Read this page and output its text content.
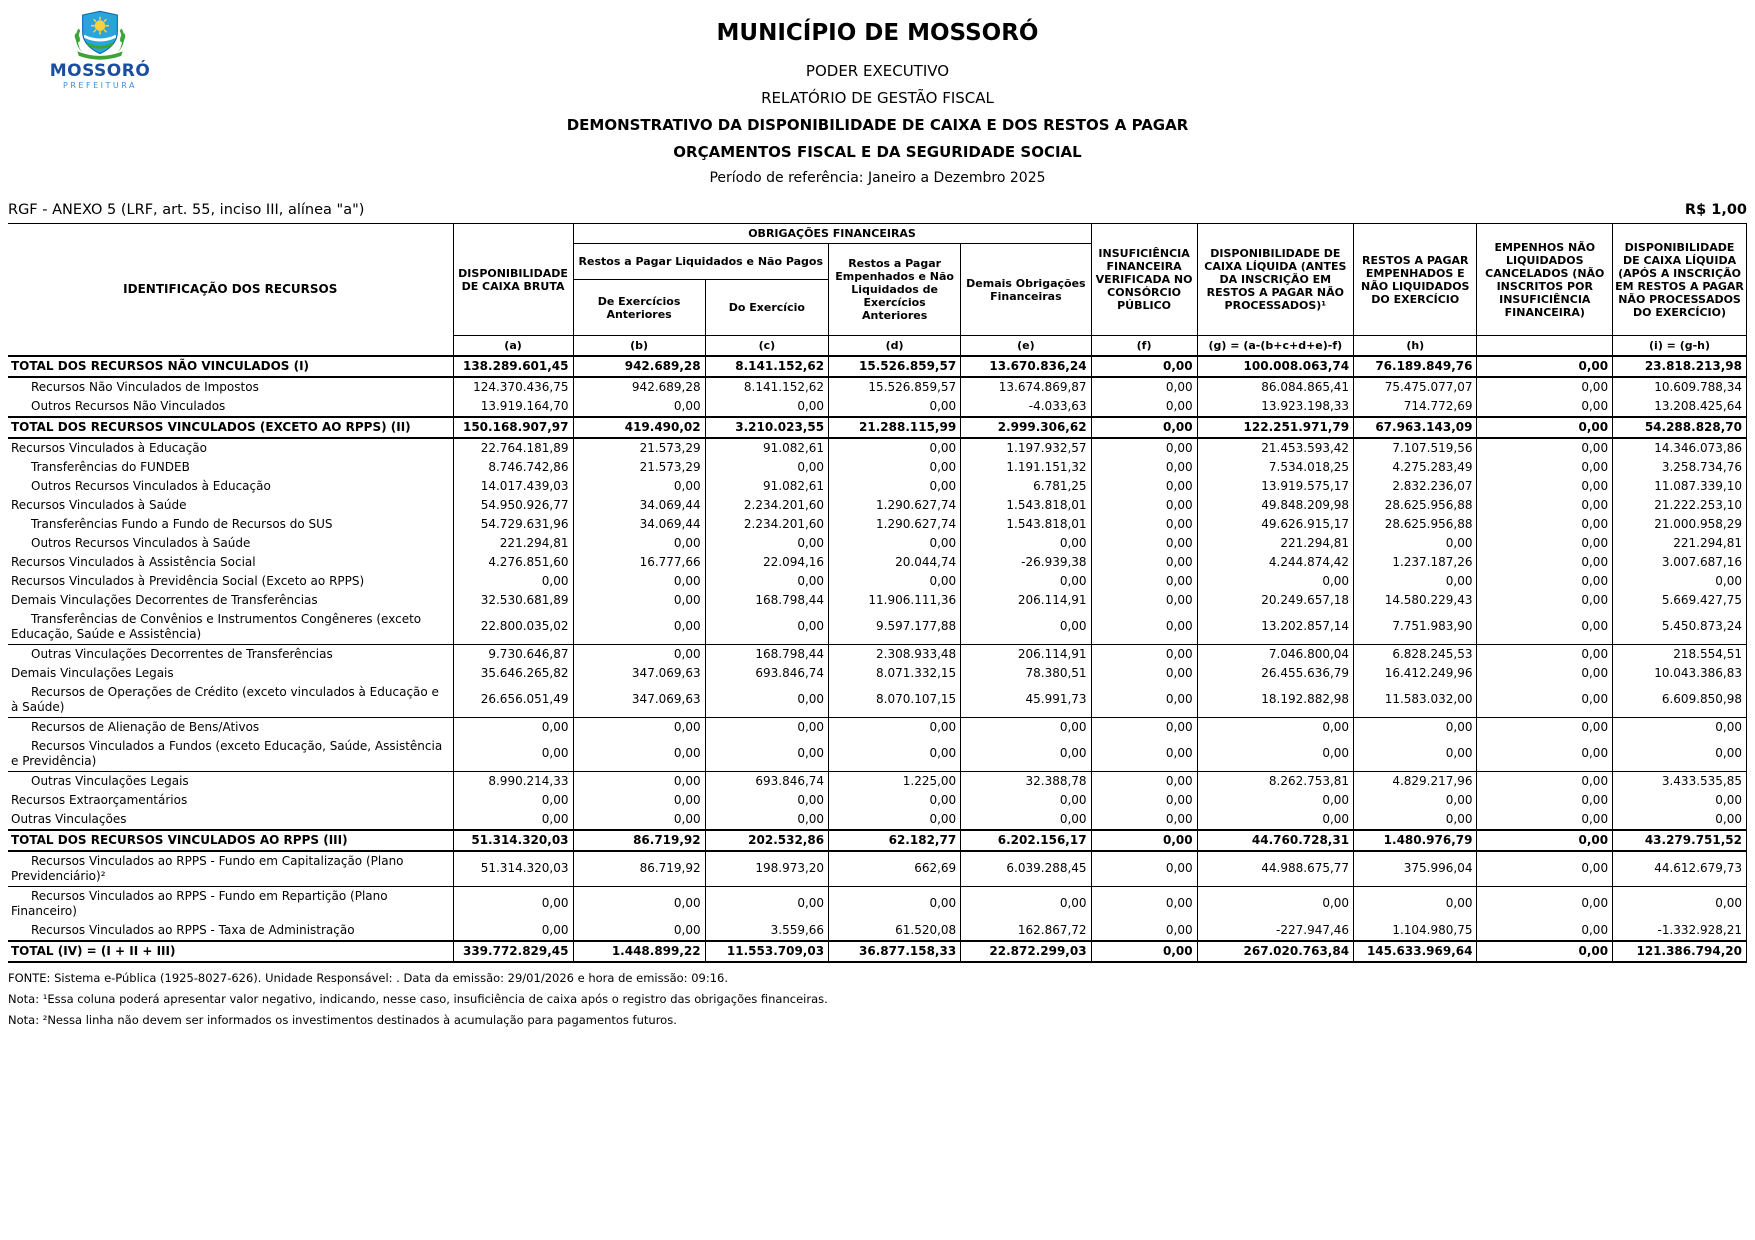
MOSSORÓ
PREFEITURA
MUNICÍPIO DE MOSSORÓ
PODER EXECUTIVO
RELATÓRIO DE GESTÃO FISCAL
DEMONSTRATIVO DA DISPONIBILIDADE DE CAIXA E DOS RESTOS A PAGAR
ORÇAMENTOS FISCAL E DA SEGURIDADE SOCIAL
Período de referência: Janeiro a Dezembro 2025
RGF - ANEXO 5 (LRF, art. 55, inciso III, alínea "a")	R$ 1,00
IDENTIFICAÇÃO DOS RECURSOS	DISPONIBILIDADE DE CAIXA BRUTA	OBRIGAÇÕES FINANCEIRAS				INSUFICIÊNCIA FINANCEIRA VERIFICADA NO CONSÓRCIO PÚBLICO	DISPONIBILIDADE DE CAIXA LÍQUIDA (ANTES DA INSCRIÇÃO EM RESTOS A PAGAR NÃO PROCESSADOS)¹	RESTOS A PAGAR EMPENHADOS E NÃO LIQUIDADOS DO EXERCÍCIO	EMPENHOS NÃO LIQUIDADOS CANCELADOS (NÃO INSCRITOS POR INSUFICIÊNCIA FINANCEIRA)	DISPONIBILIDADE DE CAIXA LÍQUIDA (APÓS A INSCRIÇÃO EM RESTOS A PAGAR NÃO PROCESSADOS DO EXERCÍCIO)
		Restos a Pagar Liquidados e Não Pagos		Restos a Pagar Empenhados e Não Liquidados de Exercícios Anteriores	Demais Obrigações Financeiras					
		De Exercícios Anteriores	Do Exercício							
	(a)	(b)	(c)	(d)	(e)	(f)	(g) = (a-(b+c+d+e)-f)	(h)		(i) = (g-h)
TOTAL DOS RECURSOS NÃO VINCULADOS (I)	138.289.601,45	942.689,28	8.141.152,62	15.526.859,57	13.670.836,24	0,00	100.008.063,74	76.189.849,76	0,00	23.818.213,98
Recursos Não Vinculados de Impostos	124.370.436,75	942.689,28	8.141.152,62	15.526.859,57	13.674.869,87	0,00	86.084.865,41	75.475.077,07	0,00	10.609.788,34
Outros Recursos Não Vinculados	13.919.164,70	0,00	0,00	0,00	-4.033,63	0,00	13.923.198,33	714.772,69	0,00	13.208.425,64
TOTAL DOS RECURSOS VINCULADOS (EXCETO AO RPPS) (II)	150.168.907,97	419.490,02	3.210.023,55	21.288.115,99	2.999.306,62	0,00	122.251.971,79	67.963.143,09	0,00	54.288.828,70
Recursos Vinculados à Educação	22.764.181,89	21.573,29	91.082,61	0,00	1.197.932,57	0,00	21.453.593,42	7.107.519,56	0,00	14.346.073,86
Transferências do FUNDEB	8.746.742,86	21.573,29	0,00	0,00	1.191.151,32	0,00	7.534.018,25	4.275.283,49	0,00	3.258.734,76
Outros Recursos Vinculados à Educação	14.017.439,03	0,00	91.082,61	0,00	6.781,25	0,00	13.919.575,17	2.832.236,07	0,00	11.087.339,10
Recursos Vinculados à Saúde	54.950.926,77	34.069,44	2.234.201,60	1.290.627,74	1.543.818,01	0,00	49.848.209,98	28.625.956,88	0,00	21.222.253,10
Transferências Fundo a Fundo de Recursos do SUS	54.729.631,96	34.069,44	2.234.201,60	1.290.627,74	1.543.818,01	0,00	49.626.915,17	28.625.956,88	0,00	21.000.958,29
Outros Recursos Vinculados à Saúde	221.294,81	0,00	0,00	0,00	0,00	0,00	221.294,81	0,00	0,00	221.294,81
Recursos Vinculados à Assistência Social	4.276.851,60	16.777,66	22.094,16	20.044,74	-26.939,38	0,00	4.244.874,42	1.237.187,26	0,00	3.007.687,16
Recursos Vinculados à Previdência Social (Exceto ao RPPS)	0,00	0,00	0,00	0,00	0,00	0,00	0,00	0,00	0,00	0,00
Demais Vinculações Decorrentes de Transferências	32.530.681,89	0,00	168.798,44	11.906.111,36	206.114,91	0,00	20.249.657,18	14.580.229,43	0,00	5.669.427,75
Transferências de Convênios e Instrumentos Congêneres (exceto Educação, Saúde e Assistência)	22.800.035,02	0,00	0,00	9.597.177,88	0,00	0,00	13.202.857,14	7.751.983,90	0,00	5.450.873,24
Outras Vinculações Decorrentes de Transferências	9.730.646,87	0,00	168.798,44	2.308.933,48	206.114,91	0,00	7.046.800,04	6.828.245,53	0,00	218.554,51
Demais Vinculações Legais	35.646.265,82	347.069,63	693.846,74	8.071.332,15	78.380,51	0,00	26.455.636,79	16.412.249,96	0,00	10.043.386,83
Recursos de Operações de Crédito (exceto vinculados à Educação e à Saúde)	26.656.051,49	347.069,63	0,00	8.070.107,15	45.991,73	0,00	18.192.882,98	11.583.032,00	0,00	6.609.850,98
Recursos de Alienação de Bens/Ativos	0,00	0,00	0,00	0,00	0,00	0,00	0,00	0,00	0,00	0,00
Recursos Vinculados a Fundos (exceto Educação, Saúde, Assistência e Previdência)	0,00	0,00	0,00	0,00	0,00	0,00	0,00	0,00	0,00	0,00
Outras Vinculações Legais	8.990.214,33	0,00	693.846,74	1.225,00	32.388,78	0,00	8.262.753,81	4.829.217,96	0,00	3.433.535,85
Recursos Extraorçamentários	0,00	0,00	0,00	0,00	0,00	0,00	0,00	0,00	0,00	0,00
Outras Vinculações	0,00	0,00	0,00	0,00	0,00	0,00	0,00	0,00	0,00	0,00
TOTAL DOS RECURSOS VINCULADOS AO RPPS (III)	51.314.320,03	86.719,92	202.532,86	62.182,77	6.202.156,17	0,00	44.760.728,31	1.480.976,79	0,00	43.279.751,52
Recursos Vinculados ao RPPS - Fundo em Capitalização (Plano Previdenciário)²	51.314.320,03	86.719,92	198.973,20	662,69	6.039.288,45	0,00	44.988.675,77	375.996,04	0,00	44.612.679,73
Recursos Vinculados ao RPPS - Fundo em Repartição (Plano Financeiro)	0,00	0,00	0,00	0,00	0,00	0,00	0,00	0,00	0,00	0,00
Recursos Vinculados ao RPPS - Taxa de Administração	0,00	0,00	3.559,66	61.520,08	162.867,72	0,00	-227.947,46	1.104.980,75	0,00	-1.332.928,21
TOTAL (IV) = (I + II + III)	339.772.829,45	1.448.899,22	11.553.709,03	36.877.158,33	22.872.299,03	0,00	267.020.763,84	145.633.969,64	0,00	121.386.794,20
FONTE: Sistema e-Pública (1925-8027-626). Unidade Responsável: . Data da emissão: 29/01/2026 e hora de emissão: 09:16.
Nota: ¹Essa coluna poderá apresentar valor negativo, indicando, nesse caso, insuficiência de caixa após o registro das obrigações financeiras.
Nota: ²Nessa linha não devem ser informados os investimentos destinados à acumulação para pagamentos futuros.
